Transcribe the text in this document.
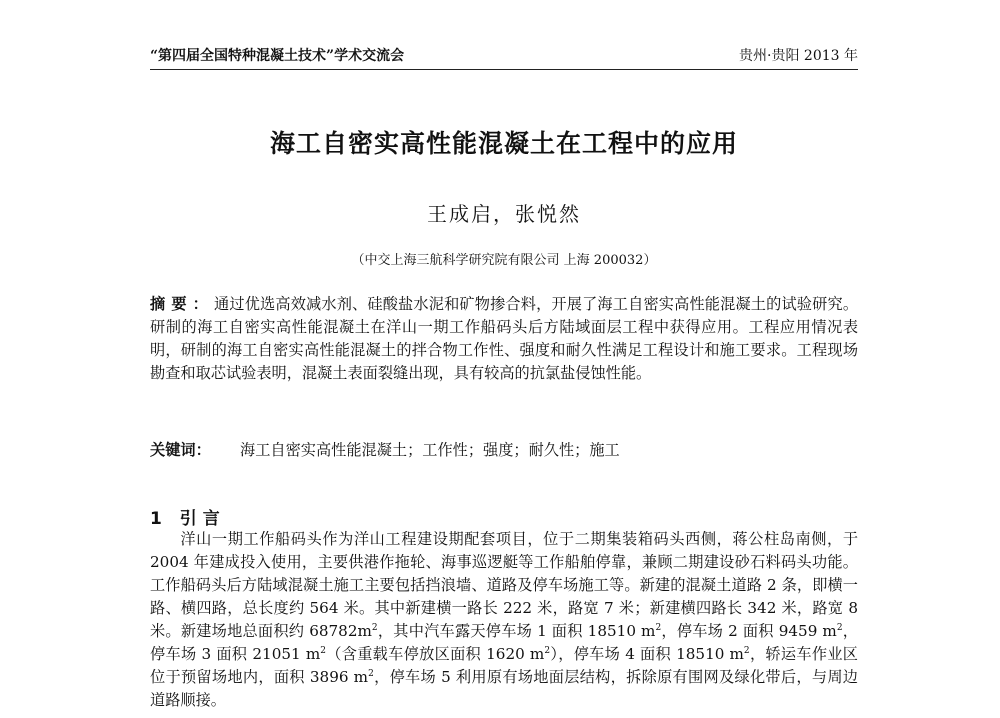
“第四届全国特种混凝土技术”学术交流会	贵州·贵阳 2013 年
海工自密实高性能混凝土在工程中的应用
王成启，张悦然
（中交上海三航科学研究院有限公司 上海 200032）
摘要：通过优选高效减水剂、硅酸盐水泥和矿物掺合料，开展了海工自密实高性能混凝土的试验研究。研制的海工自密实高性能混凝土在洋山一期工作船码头后方陆域面层工程中获得应用。工程应用情况表明，研制的海工自密实高性能混凝土的拌合物工作性、强度和耐久性满足工程设计和施工要求。工程现场勘查和取芯试验表明，混凝土表面裂缝出现，具有较高的抗氯盐侵蚀性能。
关键词： 海工自密实高性能混凝土；工作性；强度；耐久性；施工
1 引言
洋山一期工作船码头作为洋山工程建设期配套项目，位于二期集装箱码头西侧，蒋公柱岛南侧，于 2004 年建成投入使用，主要供港作拖轮、海事巡逻艇等工作船舶停靠，兼顾二期建设砂石料码头功能。工作船码头后方陆域混凝土施工主要包括挡浪墙、道路及停车场施工等。新建的混凝土道路 2 条，即横一路、横四路，总长度约 564 米。其中新建横一路长 222 米，路宽 7 米；新建横四路长 342 米，路宽 8 米。新建场地总面积约 $68782m^2$，其中汽车露天停车场 1 面积 18510 $m^2$，停车场 2 面积 9459 $m^2$，停车场 3 面积 21051 $m^2$（含重载车停放区面积 1620 $m^2$），停车场 4 面积 18510 $m^2$，轿运车作业区位于预留场地内，面积 3896 $m^2$，停车场 5 利用原有场地面层结构，拆除原有围网及绿化带后，与周边道路顺接。
